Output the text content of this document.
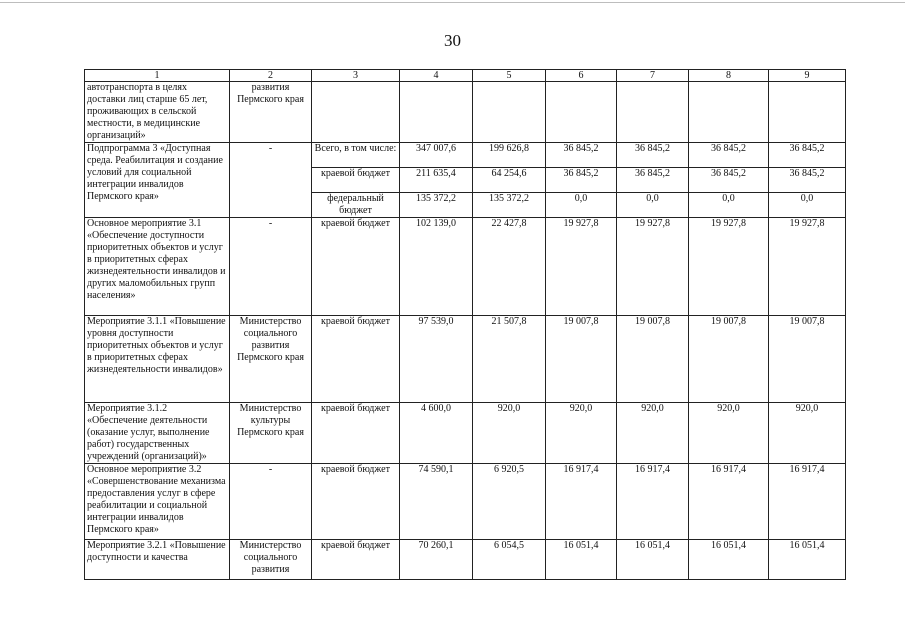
30
1	2	3	4	5	6	7	8	9
автотранспорта в целях доставки лиц старше 65 лет, проживающих в сельской местности, в медицинские организаций»	развития Пермского края							
Подпрограмма 3 «Доступная среда. Реабилитация и создание условий для социальной интеграции инвалидов Пермского края»	-	Всего, в том числе:	347 007,6	199 626,8	36 845,2	36 845,2	36 845,2	36 845,2
		краевой бюджет	211 635,4	64 254,6	36 845,2	36 845,2	36 845,2	36 845,2
		федеральный бюджет	135 372,2	135 372,2	0,0	0,0	0,0	0,0
Основное мероприятие 3.1 «Обеспечение доступности приоритетных объектов и услуг в приоритетных сферах жизнедеятельности инвалидов и других маломобильных групп населения»	-	краевой бюджет	102 139,0	22 427,8	19 927,8	19 927,8	19 927,8	19 927,8
Мероприятие 3.1.1 «Повышение уровня доступности приоритетных объектов и услуг в приоритетных сферах жизнедеятельности инвалидов»	Министерство социального развития Пермского края	краевой бюджет	97 539,0	21 507,8	19 007,8	19 007,8	19 007,8	19 007,8
Мероприятие 3.1.2 «Обеспечение деятельности (оказание услуг, выполнение работ) государственных учреждений (организаций)»	Министерство культуры Пермского края	краевой бюджет	4 600,0	920,0	920,0	920,0	920,0	920,0
Основное мероприятие 3.2 «Совершенствование механизма предоставления услуг в сфере реабилитации и социальной интеграции инвалидов Пермского края»	-	краевой бюджет	74 590,1	6 920,5	16 917,4	16 917,4	16 917,4	16 917,4
Мероприятие 3.2.1 «Повышение доступности и качества	Министерство социального развития	краевой бюджет	70 260,1	6 054,5	16 051,4	16 051,4	16 051,4	16 051,4
